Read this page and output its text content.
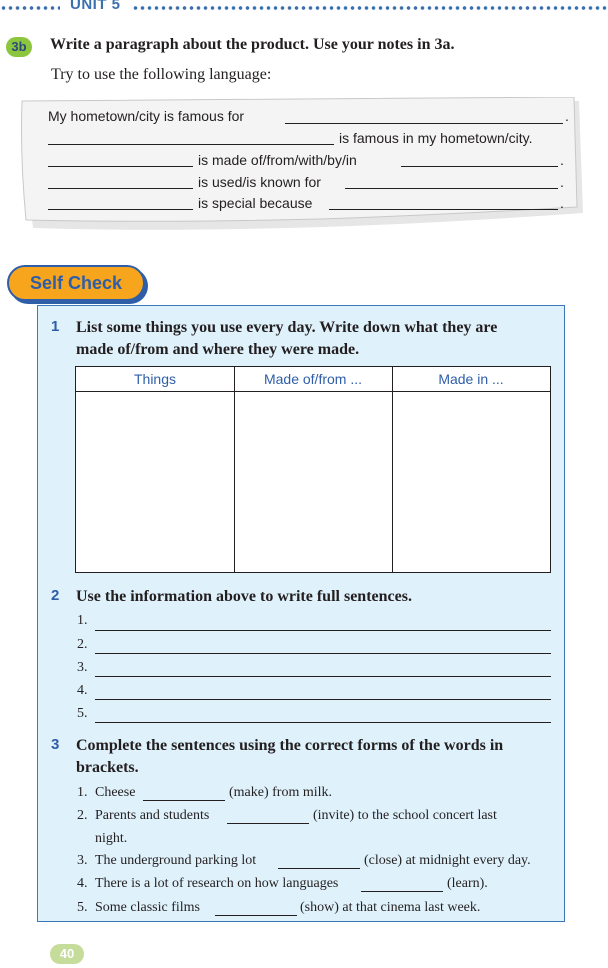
UNIT 5
3b	Write a paragraph about the product. Use your notes in 3a.
Try to use the following language:
My hometown/city is famous for	.
is famous in my hometown/city.
is made of/from/with/by/in	.
is used/is known for	.
is special because	.
Self Check
1 List some things you use every day. Write down what they are
made of/from and where they were made.
Things	Made of/from ...	Made in ...
2 Use the information above to write full sentences.
1.
2.
3.
4.
5.
3 Complete the sentences using the correct forms of the words in
brackets.
1. Cheese	(make) from milk.
2. Parents and students	(invite) to the school concert last
night.
3. The underground parking lot	(close) at midnight every day.
4. There is a lot of research on how languages	(learn).
5. Some classic films	(show) at that cinema last week.
40
